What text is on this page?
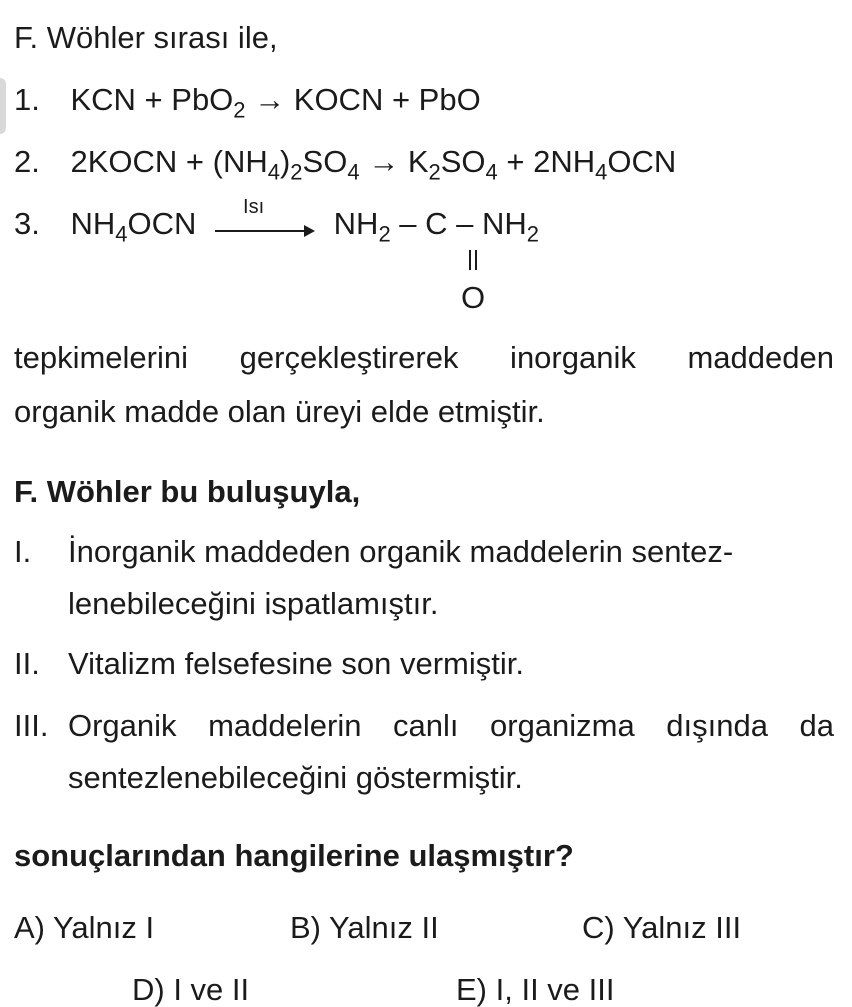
F. Wöhler sırası ile,
1. KCN + PbO$_2$ → KOCN + PbO
2. 2KOCN + $(NH_4)_2SO_4 \to K_2SO_4 + 2NH_4OCN$
3. $NH_4OCN$ Isı $NH_2$ – C – $NH_2$
O
tepkimelerini gerçekleştirerek inorganik maddeden
organik madde olan üreyi elde etmiştir.
F. Wöhler bu buluşuyla,
I. İnorganik maddeden organik maddelerin sentez-
lenebileceğini ispatlamıştır.
II. Vitalizm felsefesine son vermiştir.
III. Organik maddelerin canlı organizma dışında da
sentezlenebileceğini göstermiştir.
sonuçlarından hangilerine ulaşmıştır?
A) Yalnız I	B) Yalnız II	C) Yalnız III
D) I ve II	E) I, II ve III
